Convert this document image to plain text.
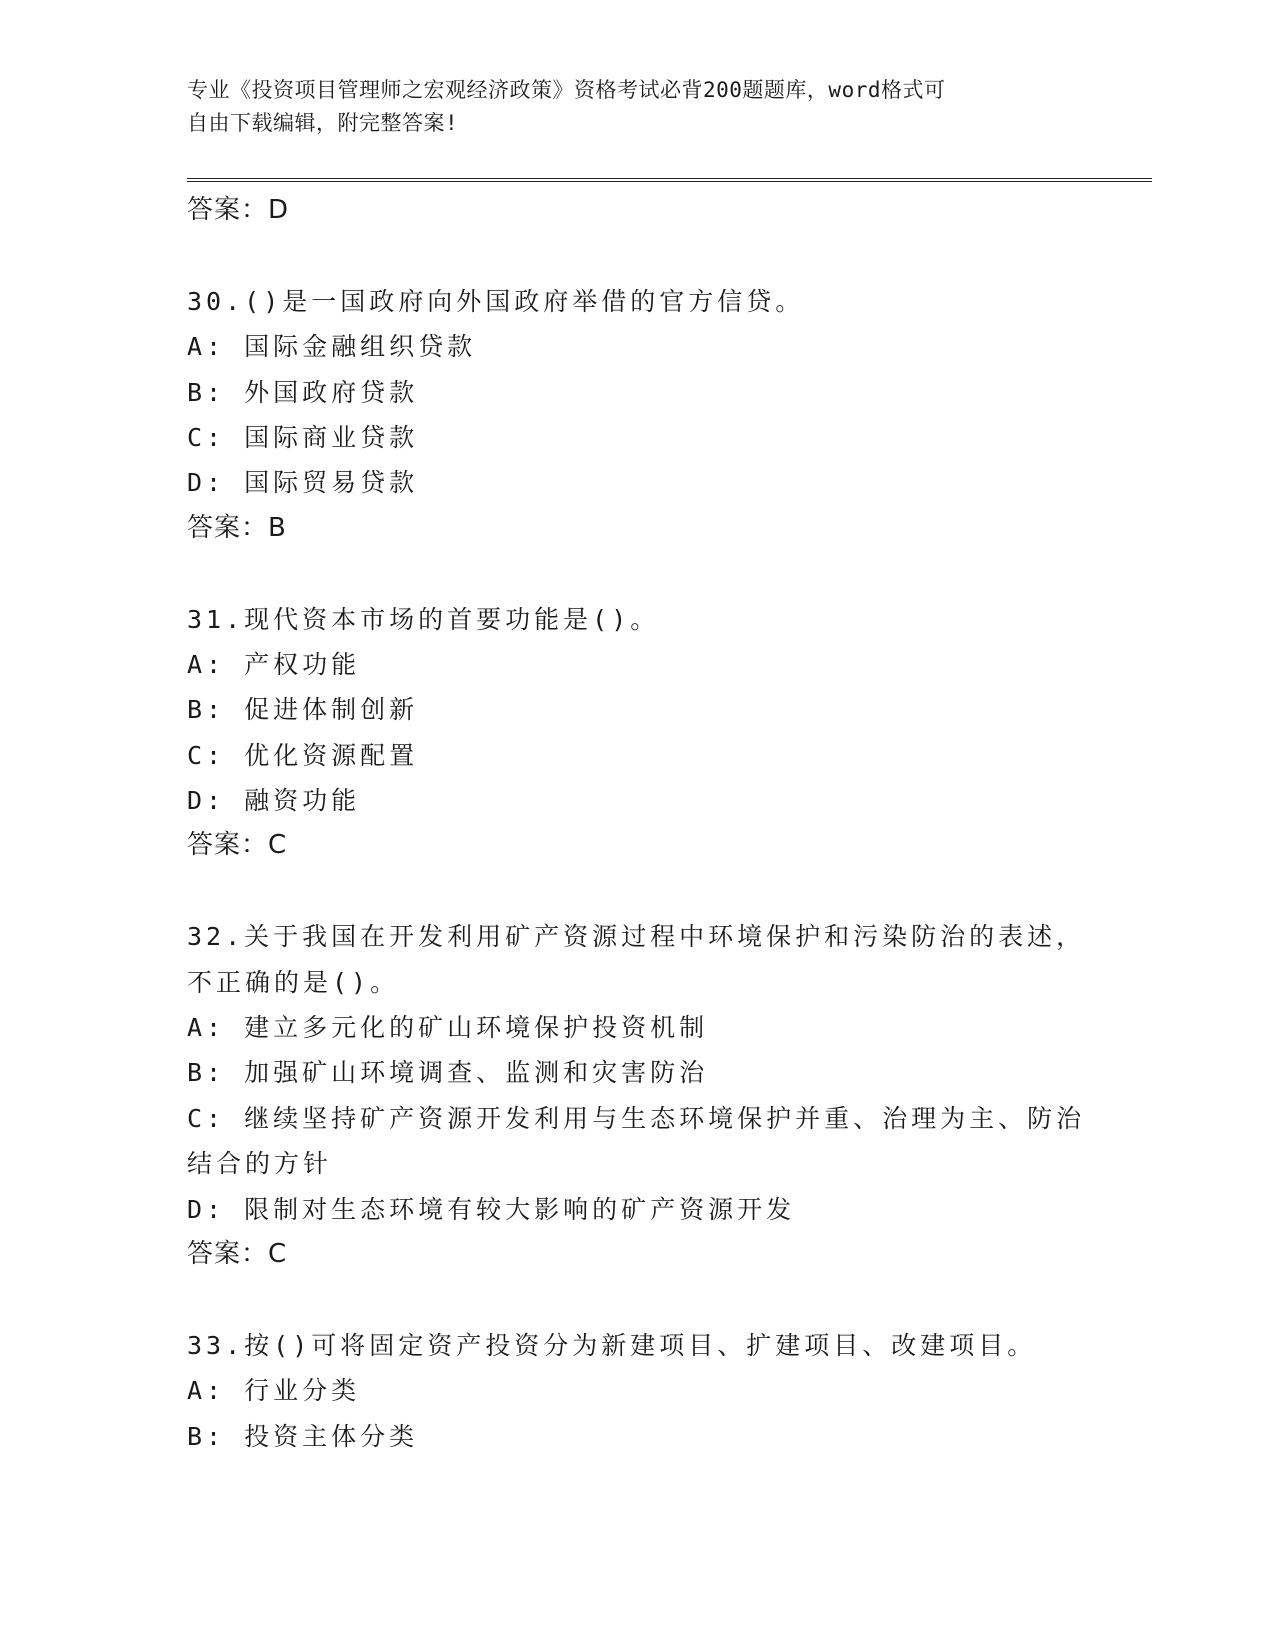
专业《投资项目管理师之宏观经济政策》资格考试必背200题题库，word格式可
自由下载编辑，附完整答案!
答案：D
30.()是一国政府向外国政府举借的官方信贷。
A: 国际金融组织贷款
B: 外国政府贷款
C: 国际商业贷款
D: 国际贸易贷款
答案：B
31.现代资本市场的首要功能是()。
A: 产权功能
B: 促进体制创新
C: 优化资源配置
D: 融资功能
答案：C
32.关于我国在开发利用矿产资源过程中环境保护和污染防治的表述，
不正确的是()。
A: 建立多元化的矿山环境保护投资机制
B: 加强矿山环境调查、监测和灾害防治
C: 继续坚持矿产资源开发利用与生态环境保护并重、治理为主、防治
结合的方针
D: 限制对生态环境有较大影响的矿产资源开发
答案：C
33.按()可将固定资产投资分为新建项目、扩建项目、改建项目。
A: 行业分类
B: 投资主体分类
